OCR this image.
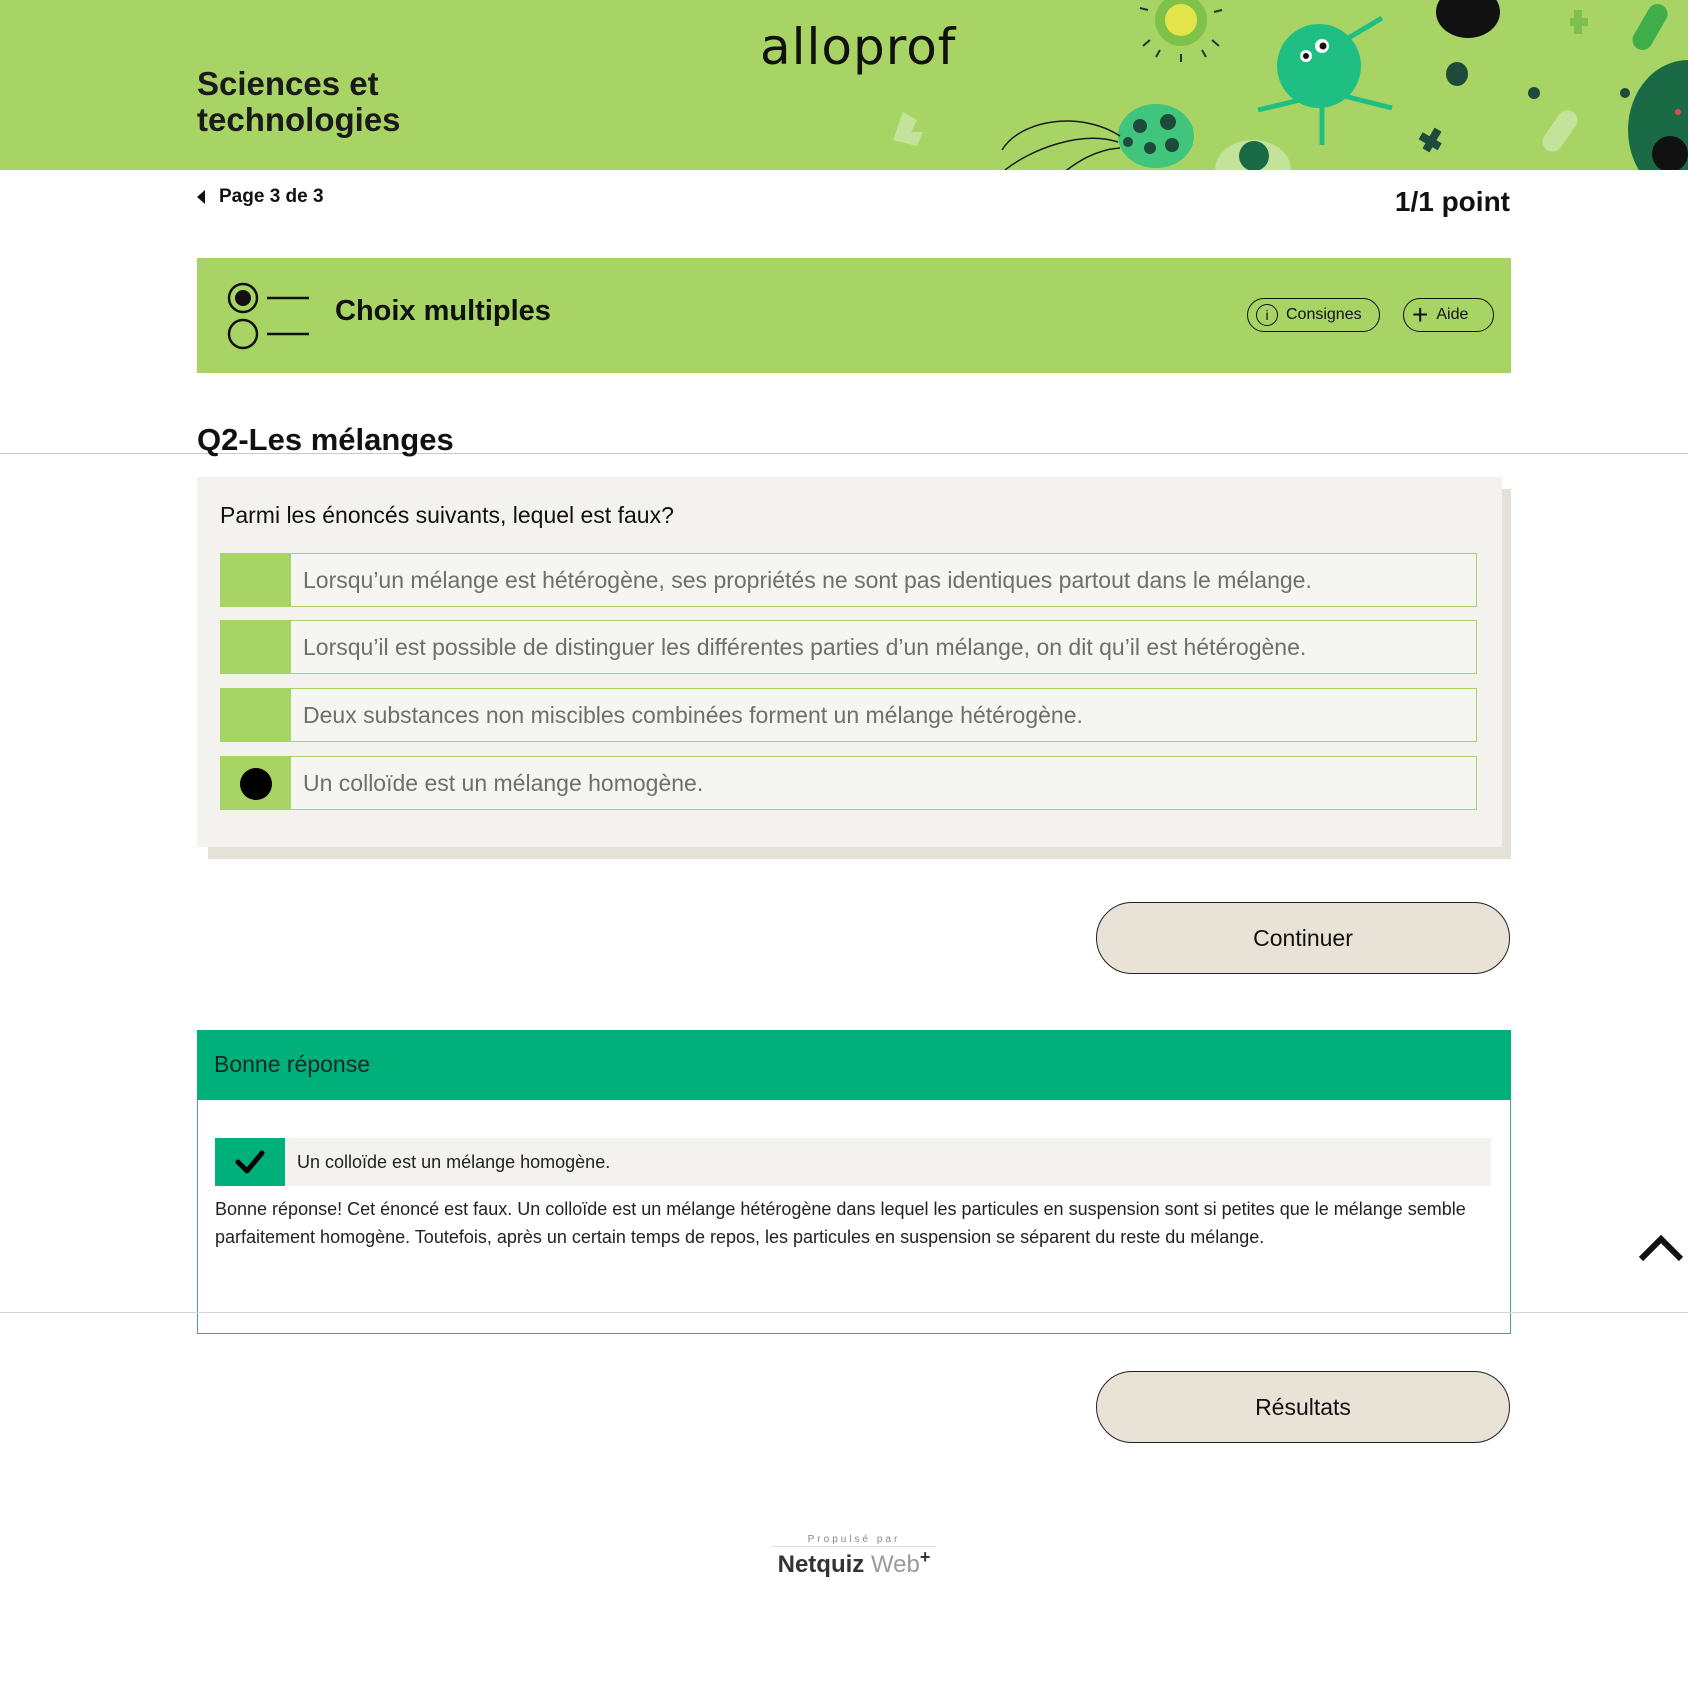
Sciences et
technologies
alloprof
Page 3 de 3	1/1 point
Choix multiples	i	Consignes + Aide
Q2-Les mélanges
Parmi les énoncés suivants, lequel est faux?
Lorsqu’un mélange est hétérogène, ses propriétés ne sont pas identiques partout dans le mélange.
Lorsqu’il est possible de distinguer les différentes parties d’un mélange, on dit qu’il est hétérogène.
Deux substances non miscibles combinées forment un mélange hétérogène.
Un colloïde est un mélange homogène.
Continuer
Bonne réponse
Un colloïde est un mélange homogène.
Bonne réponse! Cet énoncé est faux. Un colloïde est un mélange hétérogène dans lequel les particules en suspension sont si petites que le mélange semble parfaitement homogène. Toutefois, après un certain temps de repos, les particules en suspension se séparent du reste du mélange.
Résultats
Propulsé par
Netquiz Web+
